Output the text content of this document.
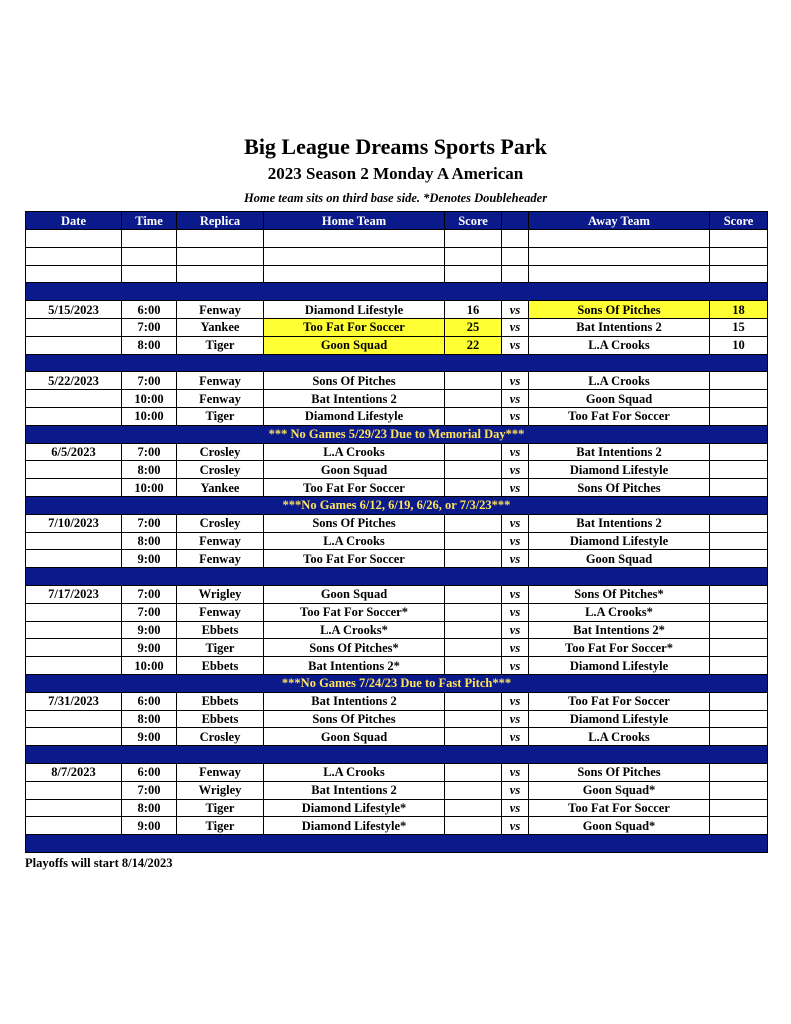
Big League Dreams Sports Park
2023 Season 2 Monday A American
Home team sits on third base side. *Denotes Doubleheader
Date	Time	Replica	Home Team	Score		Away Team	Score

5/15/2023	6:00	Fenway	Diamond Lifestyle	16	vs	Sons Of Pitches	18
	7:00	Yankee	Too Fat For Soccer	25	vs	Bat Intentions 2	15
	8:00	Tiger	Goon Squad	22	vs	L.A Crooks	10

5/22/2023	7:00	Fenway	Sons Of Pitches		vs	L.A Crooks	
	10:00	Fenway	Bat Intentions 2		vs	Goon Squad	
	10:00	Tiger	Diamond Lifestyle		vs	Too Fat For Soccer	
*** No Games 5/29/23 Due to Memorial Day***							
6/5/2023	7:00	Crosley	L.A Crooks		vs	Bat Intentions 2	
	8:00	Crosley	Goon Squad		vs	Diamond Lifestyle	
	10:00	Yankee	Too Fat For Soccer		vs	Sons Of Pitches	
***No Games 6/12, 6/19, 6/26, or 7/3/23***							
7/10/2023	7:00	Crosley	Sons Of Pitches		vs	Bat Intentions 2	
	8:00	Fenway	L.A Crooks		vs	Diamond Lifestyle	
	9:00	Fenway	Too Fat For Soccer		vs	Goon Squad	

7/17/2023	7:00	Wrigley	Goon Squad		vs	Sons Of Pitches*	
	7:00	Fenway	Too Fat For Soccer*		vs	L.A Crooks*	
	9:00	Ebbets	L.A Crooks*		vs	Bat Intentions 2*	
	9:00	Tiger	Sons Of Pitches*		vs	Too Fat For Soccer*	
	10:00	Ebbets	Bat Intentions 2*		vs	Diamond Lifestyle	
***No Games 7/24/23 Due to Fast Pitch***							
7/31/2023	6:00	Ebbets	Bat Intentions 2		vs	Too Fat For Soccer	
	8:00	Ebbets	Sons Of Pitches		vs	Diamond Lifestyle	
	9:00	Crosley	Goon Squad		vs	L.A Crooks	

8/7/2023	6:00	Fenway	L.A Crooks		vs	Sons Of Pitches	
	7:00	Wrigley	Bat Intentions 2		vs	Goon Squad*	
	8:00	Tiger	Diamond Lifestyle*		vs	Too Fat For Soccer	
	9:00	Tiger	Diamond Lifestyle*		vs	Goon Squad*	

Playoffs will start 8/14/2023
